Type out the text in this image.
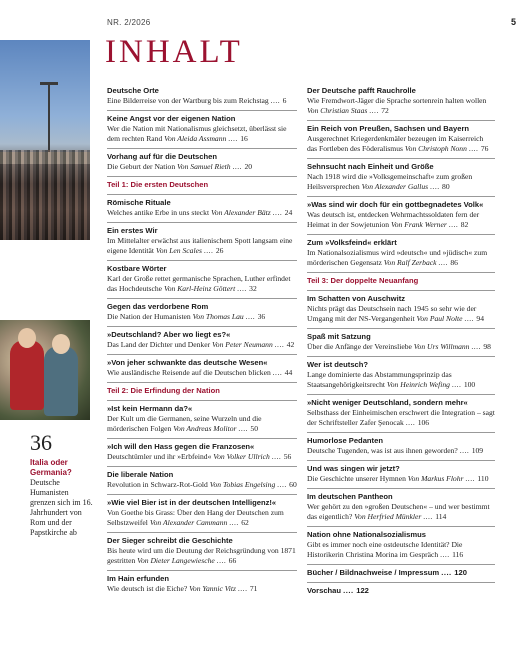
NR. 2/2026	5
INHALT
36
Italia oder Germania?
Deutsche Humanisten grenzen sich im 16. Jahrhundert von Rom und der Papstkirche ab
Deutsche Orte
Eine Bilderreise von der Wartburg bis zum Reichstag .... 6
Keine Angst vor der eigenen Nation
Wer die Nation mit Nationalismus gleichsetzt, überlässt sie dem rechten Rand Von Aleida Assmann .... 16
Vorhang auf für die Deutschen
Die Geburt der Nation Von Samuel Rieth .... 20
Teil 1: Die ersten Deutschen
Römische Rituale
Welches antike Erbe in uns steckt Von Alexander Bätz .... 24
Ein erstes Wir
Im Mittelalter erwächst aus italienischem Spott langsam eine eigene Identität Von Len Scales .... 26
Kostbare Wörter
Karl der Große rettet germanische Sprachen, Luther erfindet das Hochdeutsche Von Karl-Heinz Göttert .... 32
Gegen das verdorbene Rom
Die Nation der Humanisten Von Thomas Lau .... 36
»Deutschland? Aber wo liegt es?«
Das Land der Dichter und Denker Von Peter Neumann .... 42
»Von jeher schwankte das deutsche Wesen«
Wie ausländische Reisende auf die Deutschen blicken .... 44
Teil 2: Die Erfindung der Nation
»Ist kein Hermann da?«
Der Kult um die Germanen, seine Wurzeln und die mörderischen Folgen Von Andreas Molitor .... 50
»Ich will den Hass gegen die Franzosen«
Deutschtümler und ihr »Erbfeind« Von Volker Ullrich .... 56
Die liberale Nation
Revolution in Schwarz-Rot-Gold Von Tobias Engelsing .... 60
»Wie viel Bier ist in der deutschen Intelligenz!«
Von Goethe bis Grass: Über den Hang der Deutschen zum Selbstzweifel Von Alexander Cammann .... 62
Der Sieger schreibt die Geschichte
Bis heute wird um die Deutung der Reichsgründung von 1871 gestritten Von Dieter Langewiesche .... 66
Im Hain erfunden
Wie deutsch ist die Eiche? Von Yannic Vitz .... 71
Der Deutsche pafft Rauchrolle
Wie Fremdwort-Jäger die Sprache sortenrein halten wollen Von Christian Staas .... 72
Ein Reich von Preußen, Sachsen und Bayern
Ausgerechnet Kriegerdenkmäler bezeugen im Kaiserreich das Fortleben des Föderalismus Von Christoph Nonn .... 76
Sehnsucht nach Einheit und Größe
Nach 1918 wird die »Volksgemeinschaft« zum großen Heilsversprechen Von Alexander Gallus .... 80
»Was sind wir doch für ein gottbegnadetes Volk«
Was deutsch ist, entdecken Wehrmachtssoldaten fern der Heimat in der Sowjetunion Von Frank Werner .... 82
Zum »Volksfeind« erklärt
Im Nationalsozialismus wird »deutsch« und »jüdisch« zum mörderischen Gegensatz Von Ralf Zerback .... 86
Teil 3: Der doppelte Neuanfang
Im Schatten von Auschwitz
Nichts prägt das Deutschsein nach 1945 so sehr wie der Umgang mit der NS-Vergangenheit Von Paul Nolte .... 94
Spaß mit Satzung
Über die Anfänge der Vereinsliebe Von Urs Willmann .... 98
Wer ist deutsch?
Lange dominierte das Abstammungsprinzip das Staatsangehörigkeitsrecht Von Heinrich Wefing .... 100
»Nicht weniger Deutschland, sondern mehr«
Selbsthass der Einheimischen erschwert die Integration – sagt der Schriftsteller Zafer Şenocak .... 106
Humorlose Pedanten
Deutsche Tugenden, was ist aus ihnen geworden? .... 109
Und was singen wir jetzt?
Die Geschichte unserer Hymnen Von Markus Flohr .... 110
Im deutschen Pantheon
Wer gehört zu den »großen Deutschen« – und wer bestimmt das eigentlich? Von Herfried Münkler .... 114
Nation ohne Nationalsozialismus
Gibt es immer noch eine ostdeutsche Identität? Die Historikerin Christina Morina im Gespräch .... 116
Bücher / Bildnachweise / Impressum .... 120
Vorschau .... 122
